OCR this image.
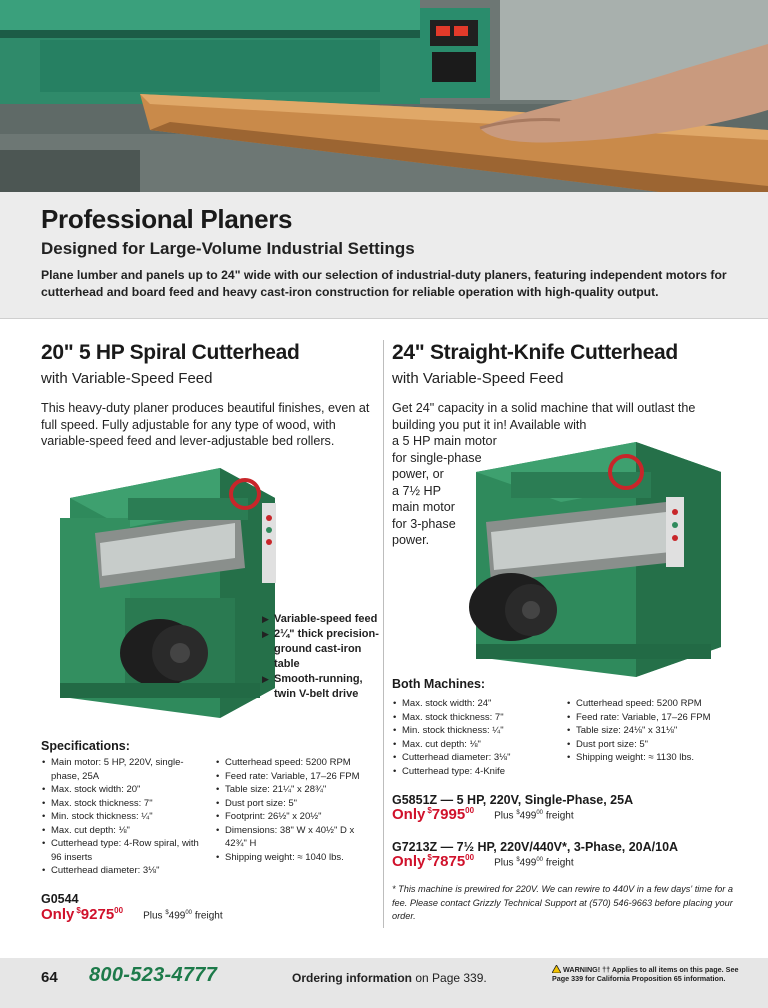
Professional Planers
Designed for Large-Volume Industrial Settings

Plane lumber and panels up to 24" wide with our selection of industrial-duty planers, featuring independent motors for cutterhead and board feed and heavy cast-iron construction for reliable operation with high-quality output.

20" 5 HP Spiral Cutterhead
with Variable-Speed Feed

This heavy-duty planer produces beautiful finishes, even at full speed. Fully adjustable for any type of wood, with variable-speed feed and lever-adjustable bed rollers.

▶ Variable-speed feed
▶ 2¼" thick precision-ground cast-iron table
▶ Smooth-running, twin V-belt drive
Specifications:
• Main motor: 5 HP, 220V, single-phase, 25A
• Max. stock width: 20"
• Max. stock thickness: 7"
• Min. stock thickness: ¼"
• Max. cut depth: ⅛"
• Cutterhead type: 4-Row spiral, with 96 inserts
• Cutterhead diameter: 3⅛"
• Cutterhead speed: 5200 RPM
• Feed rate: Variable, 17–26 FPM
• Table size: 21¼" x 28¾"
• Dust port size: 5"
• Footprint: 26½" x 20½"
• Dimensions: 38" W x 40½" D x 42¾" H
• Shipping weight: ≈ 1040 lbs.
G0544
Only $9275$^{00}$ Plus $^{\$}499^{00}$ freight
24" Straight-Knife Cutterhead
with Variable-Speed Feed
Get 24" capacity in a solid machine that will outlast the
building you put it in! Available with
a 5 HP main motor
for single-phase
power, or
a 7½ HP
main motor
for 3-phase
power.
Both Machines:
• Max. stock width: 24"
• Max. stock thickness: 7"
• Min. stock thickness: ¼"
• Max. cut depth: ⅛"
• Cutterhead diameter: 3⅛"
• Cutterhead type: 4-Knife
• Cutterhead speed: 5200 RPM
• Feed rate: Variable, 17–26 FPM
• Table size: 24⅛" x 31⅛"
• Dust port size: 5"
• Shipping weight: ≈ 1130 lbs.
G5851Z — 5 HP, 220V, Single-Phase, 25A
Only $7995$^{00}$ Plus $^{\$}499^{00}$ freight
G7213Z — 7½ HP, 220V/440V*, 3-Phase, 20A/10A
Only $7875$^{00}$ Plus $^{\$}499^{00}$ freight

* This machine is prewired for 220V. We can rewire to 440V in a few days' time for a fee. Please contact Grizzly Technical Support at (570) 546-9663 before placing your order.

64 800-523-4777	Ordering information on Page 339.
WARNING! †† Applies to all items on this page. See Page 339 for California Proposition 65 information.
